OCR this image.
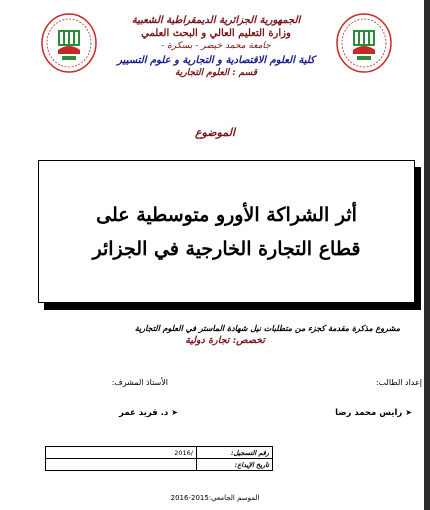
الجمهورية الجزائرية الديمقراطية الشعبية
وزارة التعليم العالي و البحث العلمي
جامعة محمد خيضر - بسكرة -
كلية العلوم الاقتصادية و التجارية و علوم التسيير
قسم : العلوم التجارية
الموضوع
أثر الشراكة الأورو متوسطية على
قطاع التجارة الخارجية في الجزائر
مشروع مذكرة مقدمة كجزء من متطلبات نيل شهادة الماستر في العلوم التجارية
تخصص: تجارة دولية
إعداد الطالب:
الأستاذ المشرف:
➤رايس محمد رضا
➤د. قريد عمر
رقم التسجيل:	/2016
تاريخ الإيداع:	
الموسم الجامعي:2015-2016
